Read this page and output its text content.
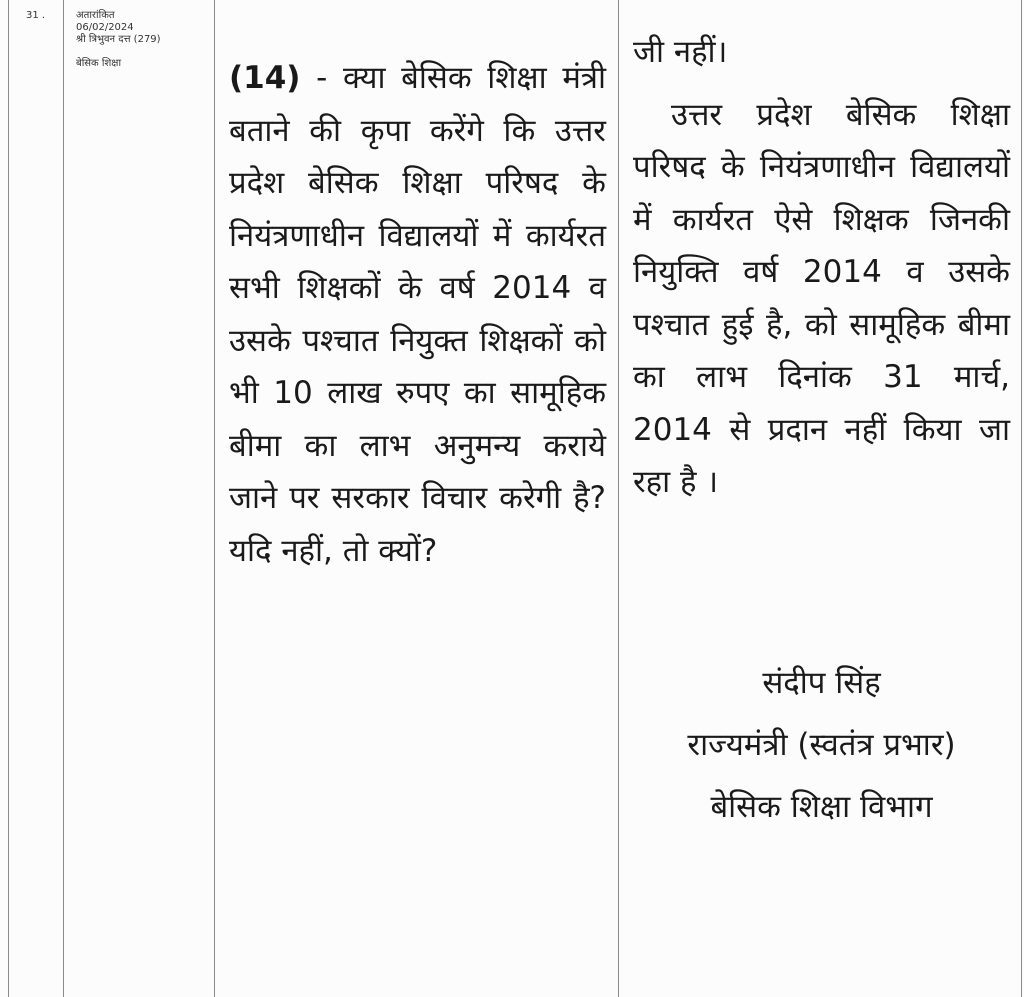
31 .	अतारांकित
06/02/2024
श्री त्रिभुवन दत्त (279)
बेसिक शिक्षा	(14) - क्या बेसिक शिक्षा मंत्री बताने की कृपा करेंगे कि उत्तर प्रदेश बेसिक शिक्षा परिषद के नियंत्रणाधीन विद्यालयों में कार्यरत सभी शिक्षकों के वर्ष 2014 व उसके पश्चात नियुक्त शिक्षकों को भी 10 लाख रुपए का सामूहिक बीमा का लाभ अनुमन्य कराये जाने पर सरकार विचार करेगी है? यदि नहीं, तो क्यों?

जी नहीं।

उत्तर प्रदेश बेसिक शिक्षा परिषद के नियंत्रणाधीन विद्यालयों में कार्यरत ऐसे शिक्षक जिनकी नियुक्ति वर्ष 2014 व उसके पश्चात हुई है, को सामूहिक बीमा का लाभ दिनांक 31 मार्च, 2014 से प्रदान नहीं किया जा रहा है ।

संदीप सिंह
राज्यमंत्री (स्वतंत्र प्रभार)
बेसिक शिक्षा विभाग
